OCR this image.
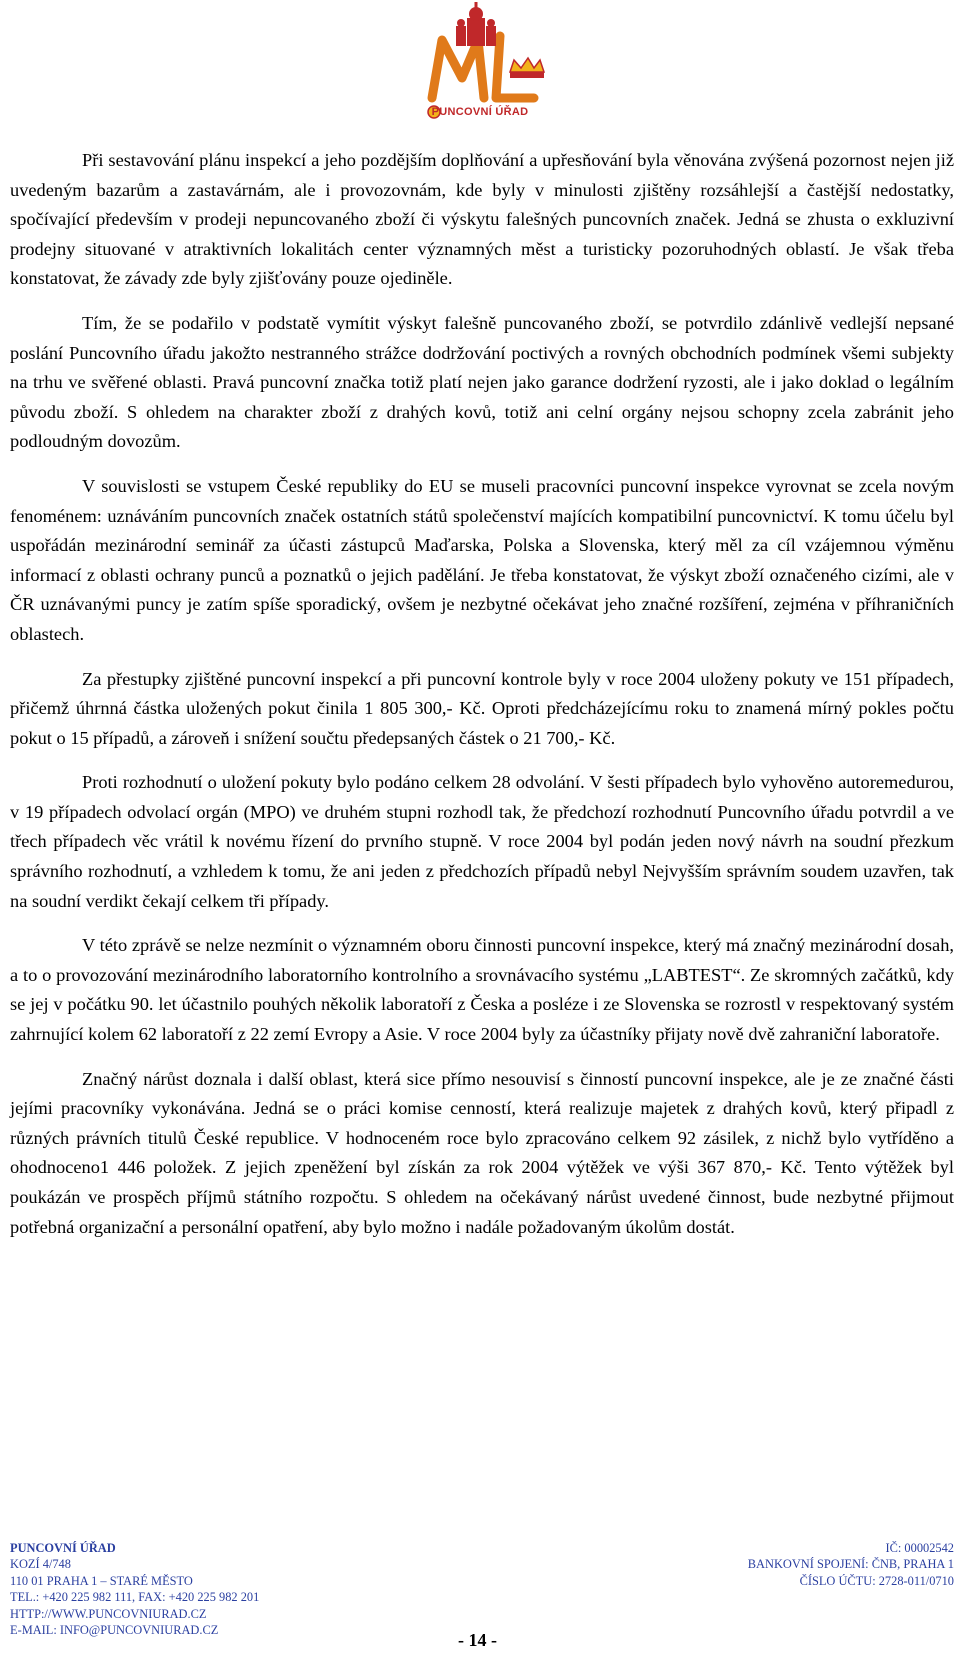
PUNCOVNÍ ÚŘAD

Při sestavování plánu inspekcí a jeho pozdějším doplňování a upřesňování byla věnována zvýšená pozornost nejen již uvedeným bazarům a zastavárnám, ale i provozovnám, kde byly v minulosti zjištěny rozsáhlejší a častější nedostatky, spočívající především v prodeji nepuncovaného zboží či výskytu falešných puncovních značek. Jedná se zhusta o exkluzivní prodejny situované v atraktivních lokalitách center významných měst a turisticky pozoruhodných oblastí. Je však třeba konstatovat, že závady zde byly zjišťovány pouze ojediněle.

Tím, že se podařilo v podstatě vymítit výskyt falešně puncovaného zboží, se potvrdilo zdánlivě vedlejší nepsané poslání Puncovního úřadu jakožto nestranného strážce dodržování poctivých a rovných obchodních podmínek všemi subjekty na trhu ve svěřené oblasti. Pravá puncovní značka totiž platí nejen jako garance dodržení ryzosti, ale i jako doklad o legálním původu zboží. S ohledem na charakter zboží z drahých kovů, totiž ani celní orgány nejsou schopny zcela zabránit jeho podloudným dovozům.

V souvislosti se vstupem České republiky do EU se museli pracovníci puncovní inspekce vyrovnat se zcela novým fenoménem: uznáváním puncovních značek ostatních států společenství majících kompatibilní puncovnictví. K tomu účelu byl uspořádán mezinárodní seminář za účasti zástupců Maďarska, Polska a Slovenska, který měl za cíl vzájemnou výměnu informací z oblasti ochrany punců a poznatků o jejich padělání. Je třeba konstatovat, že výskyt zboží označeného cizími, ale v ČR uznávanými puncy je zatím spíše sporadický, ovšem je nezbytné očekávat jeho značné rozšíření, zejména v příhraničních oblastech.

Za přestupky zjištěné puncovní inspekcí a při puncovní kontrole byly v roce 2004 uloženy pokuty ve 151 případech, přičemž úhrnná částka uložených pokut činila 1 805 300,- Kč. Oproti předcházejícímu roku to znamená mírný pokles počtu pokut o 15 případů, a zároveň i snížení součtu předepsaných částek o 21 700,- Kč.

Proti rozhodnutí o uložení pokuty bylo podáno celkem 28 odvolání. V šesti případech bylo vyhověno autoremedurou, v 19 případech odvolací orgán (MPO) ve druhém stupni rozhodl tak, že předchozí rozhodnutí Puncovního úřadu potvrdil a ve třech případech věc vrátil k novému řízení do prvního stupně. V roce 2004 byl podán jeden nový návrh na soudní přezkum správního rozhodnutí, a vzhledem k tomu, že ani jeden z předchozích případů nebyl Nejvyšším správním soudem uzavřen, tak na soudní verdikt čekají celkem tři případy.

V této zprávě se nelze nezmínit o významném oboru činnosti puncovní inspekce, který má značný mezinárodní dosah, a to o provozování mezinárodního laboratorního kontrolního a srovnávacího systému „LABTEST“. Ze skromných začátků, kdy se jej v počátku 90. let účastnilo pouhých několik laboratoří z Česka a posléze i ze Slovenska se rozrostl v respektovaný systém zahrnující kolem 62 laboratoří z 22 zemí Evropy a Asie. V roce 2004 byly za účastníky přijaty nově dvě zahraniční laboratoře.

Značný nárůst doznala i další oblast, která sice přímo nesouvisí s činností puncovní inspekce, ale je ze značné části jejími pracovníky vykonávána. Jedná se o práci komise cenností, která realizuje majetek z drahých kovů, který připadl z různých právních titulů České republice. V hodnoceném roce bylo zpracováno celkem 92 zásilek, z nichž bylo vytříděno a ohodnoceno1 446 položek. Z jejich zpeněžení byl získán za rok 2004 výtěžek ve výši 367 870,- Kč. Tento výtěžek byl poukázán ve prospěch příjmů státního rozpočtu. S ohledem na očekávaný nárůst uvedené činnost, bude nezbytné přijmout potřebná organizační a personální opatření, aby bylo možno i nadále požadovaným úkolům dostát.

PUNCOVNÍ ÚŘAD
KOZÍ 4/748
110 01 PRAHA 1 – STARÉ MĚSTO
TEL.: +420 225 982 111, FAX: +420 225 982 201
HTTP://WWW.PUNCOVNIURAD.CZ
E-MAIL: INFO@PUNCOVNIURAD.CZ
IČ: 00002542
BANKOVNÍ SPOJENÍ: ČNB, PRAHA 1
ČÍSLO ÚČTU: 2728-011/0710
- 14 -
